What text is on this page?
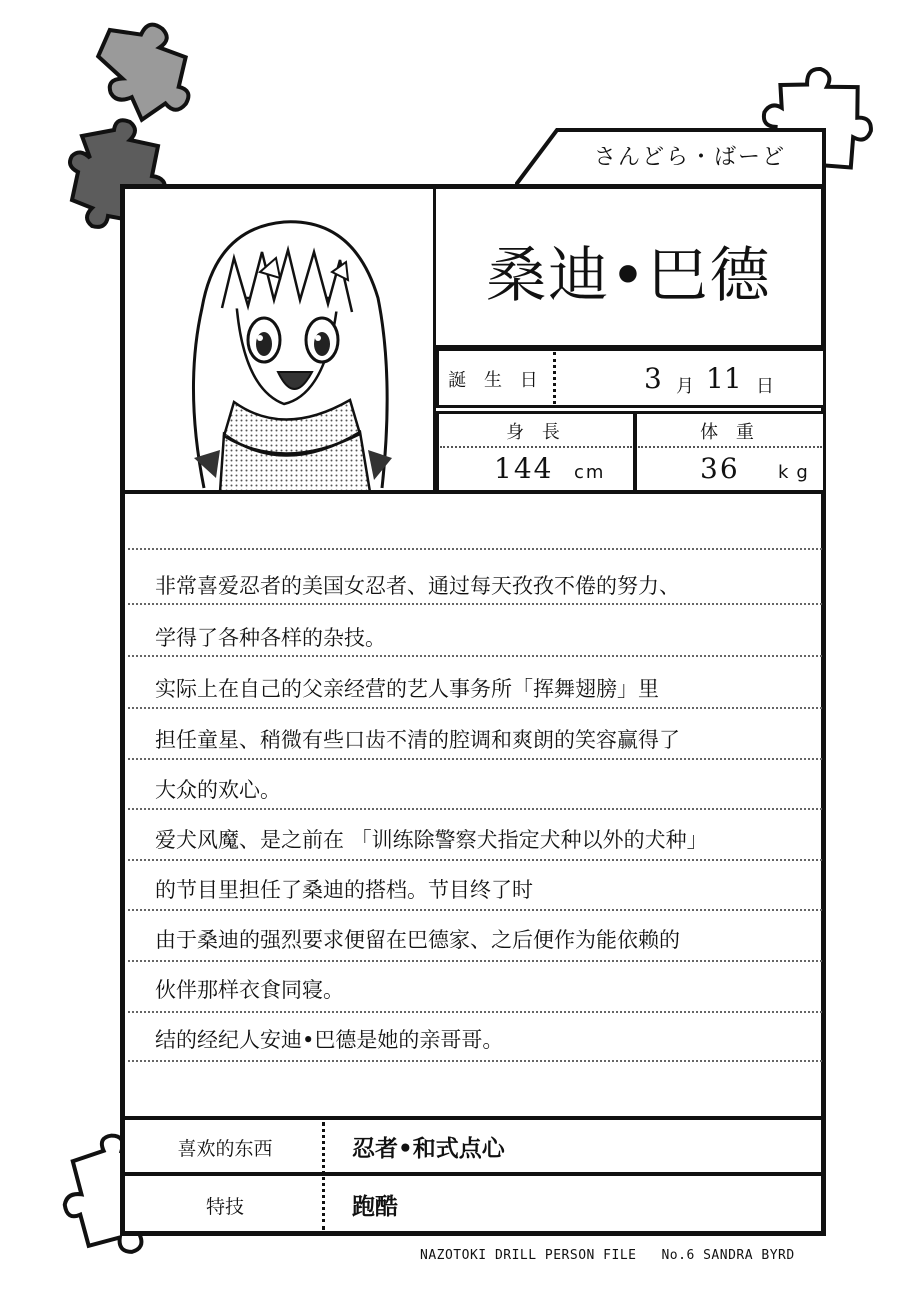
さんどら・ばーど
桑迪•巴德
誕 生 日	3 月 11 日
身 長	体 重
144 cm	36 kg
非常喜爱忍者的美国女忍者、通过每天孜孜不倦的努力、
学得了各种各样的杂技。
实际上在自己的父亲经营的艺人事务所「挥舞翅膀」里
担任童星、稍微有些口齿不清的腔调和爽朗的笑容赢得了
大众的欢心。
爱犬风魔、是之前在 「训练除警察犬指定犬种以外的犬种」
的节目里担任了桑迪的搭档。节目终了时
由于桑迪的强烈要求便留在巴德家、之后便作为能依赖的
伙伴那样衣食同寝。
结的经纪人安迪•巴德是她的亲哥哥。
喜欢的东西	忍者•和式点心
特技	跑酷
NAZOTOKI DRILL PERSON FILE   No.6 SANDRA BYRD
